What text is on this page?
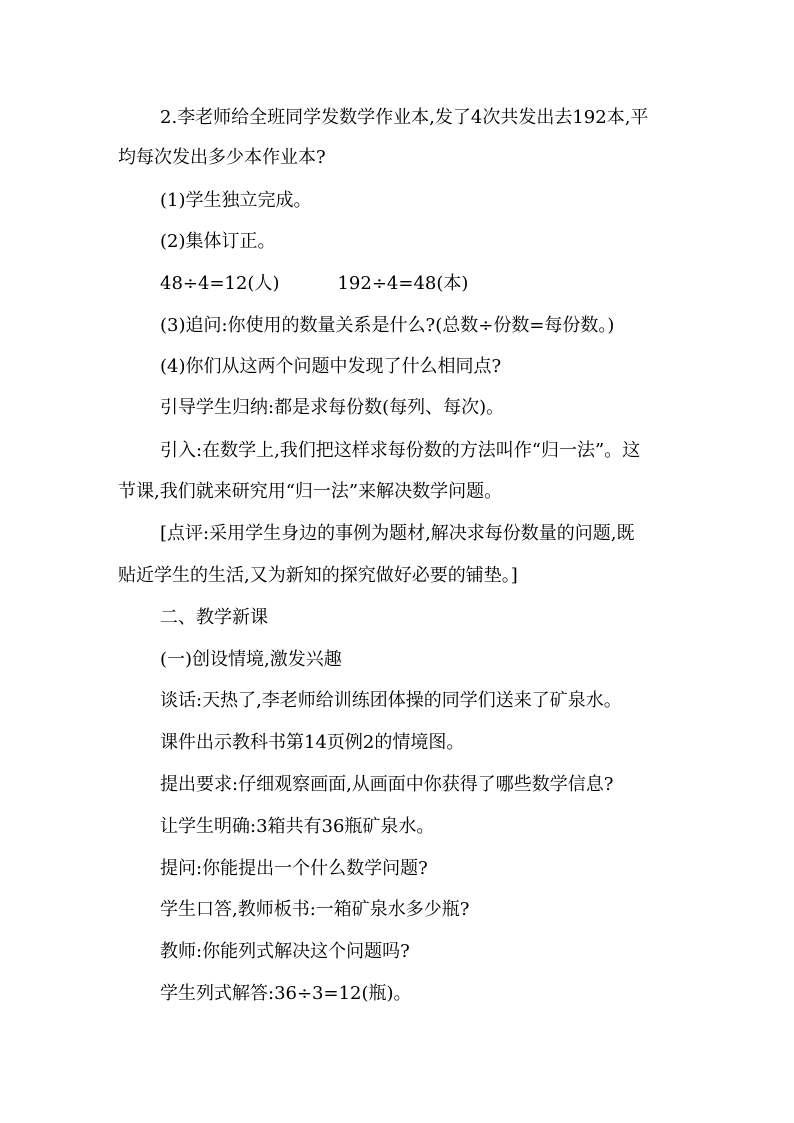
2.李老师给全班同学发数学作业本,发了4次共发出去192本,平
均每次发出多少本作业本?
(1)学生独立完成。
(2)集体订正。
48÷4=12(人)	192÷4=48(本)
(3)追问:你使用的数量关系是什么?(总数÷份数=每份数。)
(4)你们从这两个问题中发现了什么相同点?
引导学生归纳:都是求每份数(每列、每次)。
引入:在数学上,我们把这样求每份数的方法叫作“归一法”。这
节课,我们就来研究用“归一法”来解决数学问题。
[点评:采用学生身边的事例为题材,解决求每份数量的问题,既
贴近学生的生活,又为新知的探究做好必要的铺垫。]
二、教学新课
(一)创设情境,激发兴趣
谈话:天热了,李老师给训练团体操的同学们送来了矿泉水。
课件出示教科书第14页例2的情境图。
提出要求:仔细观察画面,从画面中你获得了哪些数学信息?
让学生明确:3箱共有36瓶矿泉水。
提问:你能提出一个什么数学问题?
学生口答,教师板书:一箱矿泉水多少瓶?
教师:你能列式解决这个问题吗?
学生列式解答:36÷3=12(瓶)。
